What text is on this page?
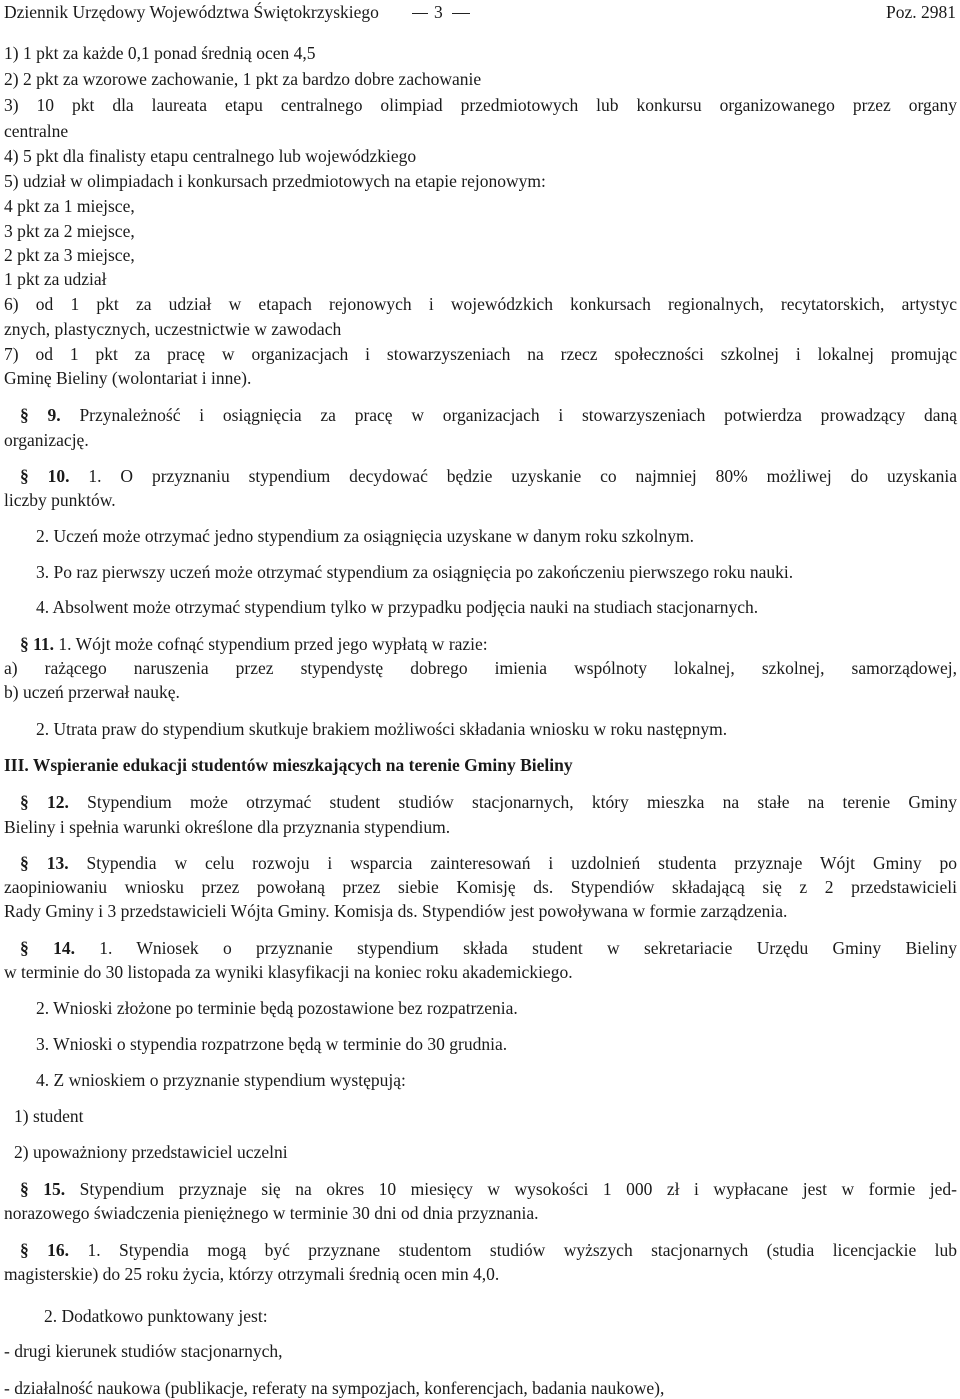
Dziennik Urzędowy Województwa Świętokrzyskiego	3	Poz. 2981
1) 1 pkt za każde 0,1 ponad średnią ocen 4,5
2) 2 pkt za wzorowe zachowanie, 1 pkt za bardzo dobre zachowanie
3) 10 pkt dla laureata etapu centralnego olimpiad przedmiotowych lub konkursu organizowanego przez organy
centralne
4) 5 pkt dla finalisty etapu centralnego lub wojewódzkiego
5) udział w olimpiadach i konkursach przedmiotowych na etapie rejonowym:
4 pkt za 1 miejsce,
3 pkt za 2 miejsce,
2 pkt za 3 miejsce,
1 pkt za udział
6) od 1 pkt za udział w etapach rejonowych i wojewódzkich konkursach regionalnych, recytatorskich, artystyc
znych, plastycznych, uczestnictwie w zawodach
7) od 1 pkt za pracę w organizacjach i stowarzyszeniach na rzecz społeczności szkolnej i lokalnej promując
Gminę Bieliny (wolontariat i inne).
§ 9. Przynależność i osiągnięcia za pracę w organizacjach i stowarzyszeniach potwierdza prowadzący daną
organizację.
§ 10. 1. O przyznaniu stypendium decydować będzie uzyskanie co najmniej 80% możliwej do uzyskania
liczby punktów.
2. Uczeń może otrzymać jedno stypendium za osiągnięcia uzyskane w danym roku szkolnym.
3. Po raz pierwszy uczeń może otrzymać stypendium za osiągnięcia po zakończeniu pierwszego roku nauki.
4. Absolwent może otrzymać stypendium tylko w przypadku podjęcia nauki na studiach stacjonarnych.
§ 11. 1. Wójt może cofnąć stypendium przed jego wypłatą w razie:
a) rażącego naruszenia przez stypendystę dobrego imienia wspólnoty lokalnej, szkolnej, samorządowej,
b) uczeń przerwał naukę.
2. Utrata praw do stypendium skutkuje brakiem możliwości składania wniosku w roku następnym.
III. Wspieranie edukacji studentów mieszkających na terenie Gminy Bieliny
§ 12. Stypendium może otrzymać student studiów stacjonarnych, który mieszka na stałe na terenie Gminy
Bieliny i spełnia warunki określone dla przyznania stypendium.
§ 13. Stypendia w celu rozwoju i wsparcia zainteresowań i uzdolnień studenta przyznaje Wójt Gminy po
zaopiniowaniu wniosku przez powołaną przez siebie Komisję ds. Stypendiów składającą się z 2 przedstawicieli
Rady Gminy i 3 przedstawicieli Wójta Gminy. Komisja ds. Stypendiów jest powoływana w formie zarządzenia.
§ 14. 1. Wniosek o przyznanie stypendium składa student w sekretariacie Urzędu Gminy Bieliny
w terminie do 30 listopada za wyniki klasyfikacji na koniec roku akademickiego.
2. Wnioski złożone po terminie będą pozostawione bez rozpatrzenia.
3. Wnioski o stypendia rozpatrzone będą w terminie do 30 grudnia.
4. Z wnioskiem o przyznanie stypendium występują:
1) student
2) upoważniony przedstawiciel uczelni
§ 15. Stypendium przyznaje się na okres 10 miesięcy w wysokości 1 000 zł i wypłacane jest w formie jed-
norazowego świadczenia pieniężnego w terminie 30 dni od dnia przyznania.
§ 16. 1. Stypendia mogą być przyznane studentom studiów wyższych stacjonarnych (studia licencjackie lub
magisterskie) do 25 roku życia, którzy otrzymali średnią ocen min 4,0.
2. Dodatkowo punktowany jest:
- drugi kierunek studiów stacjonarnych,
- działalność naukowa (publikacje, referaty na sympozjach, konferencjach, badania naukowe),
